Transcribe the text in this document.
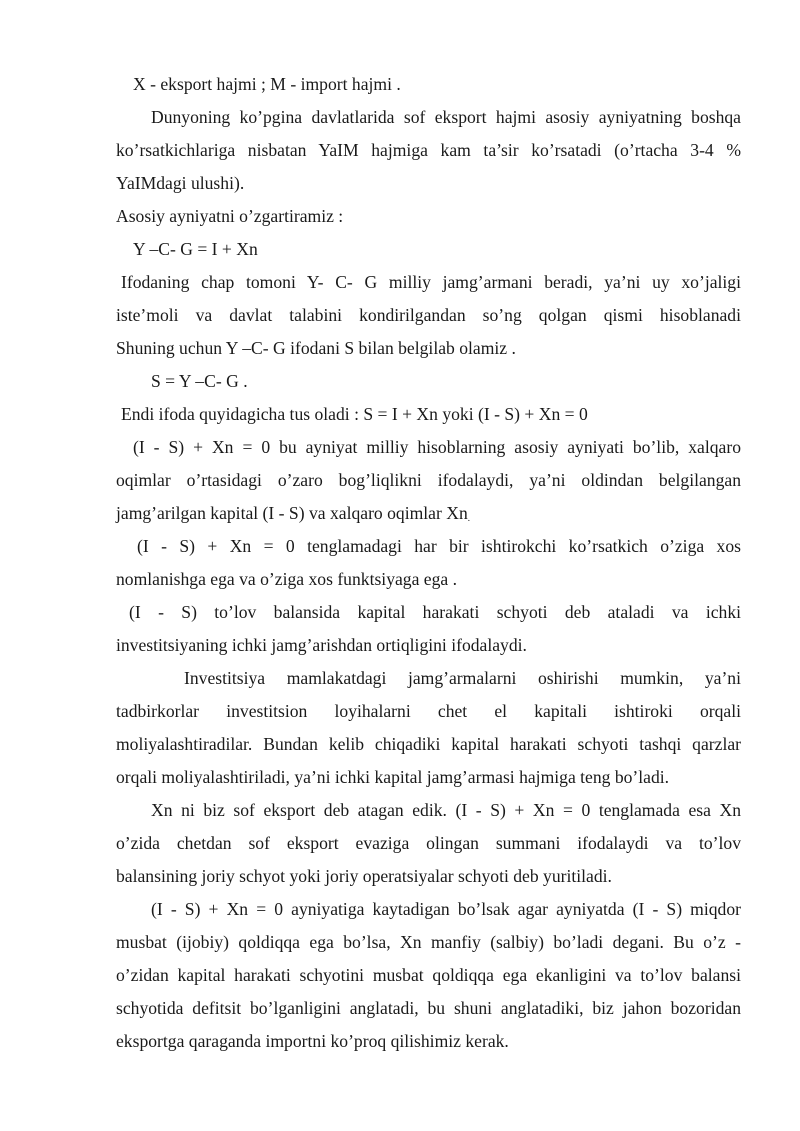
X - eksport hajmi ; M - import hajmi .
Dunyoning ko’pgina davlatlarida sof eksport hajmi asosiy ayniyatning boshqa
ko’rsatkichlariga nisbatan YaIM hajmiga kam ta’sir ko’rsatadi (o’rtacha 3-4 %
YaIMdagi ulushi).
Asosiy ayniyatni o’zgartiramiz :
Y –C- G = I + Xn
Ifodaning chap tomoni Y- C- G milliy jamg’armani beradi, ya’ni uy xo’jaligi
iste’moli va davlat talabini kondirilgandan so’ng qolgan qismi hisoblanadi
Shuning uchun Y –C- G ifodani S bilan belgilab olamiz .
S = Y –C- G .
Endi ifoda quyidagicha tus oladi : S = I + Xn yoki (I - S) + Xn = 0
(I - S) + Xn = 0 bu ayniyat milliy hisoblarning asosiy ayniyati bo’lib, xalqaro
oqimlar o’rtasidagi o’zaro bog’liqlikni ifodalaydi, ya’ni oldindan belgilangan
jamg’arilgan kapital (I - S) va xalqaro oqimlar Xn.
(I - S) + Xn = 0 tenglamadagi har bir ishtirokchi ko’rsatkich o’ziga xos
nomlanishga ega va o’ziga xos funktsiyaga ega .
(I - S) to’lov balansida kapital harakati schyoti deb ataladi va ichki
investitsiyaning ichki jamg’arishdan ortiqligini ifodalaydi.
Investitsiya mamlakatdagi jamg’armalarni oshirishi mumkin, ya’ni
tadbirkorlar investitsion loyihalarni chet el kapitali ishtiroki orqali
moliyalashtiradilar. Bundan kelib chiqadiki kapital harakati schyoti tashqi qarzlar
orqali moliyalashtiriladi, ya’ni ichki kapital jamg’armasi hajmiga teng bo’ladi.
Xn ni biz sof eksport deb atagan edik. (I - S) + Xn = 0 tenglamada esa Xn
o’zida chetdan sof eksport evaziga olingan summani ifodalaydi va to’lov
balansining joriy schyot yoki joriy operatsiyalar schyoti deb yuritiladi.
(I - S) + Xn = 0 ayniyatiga kaytadigan bo’lsak agar ayniyatda (I - S) miqdor
musbat (ijobiy) qoldiqqa ega bo’lsa, Xn manfiy (salbiy) bo’ladi degani. Bu o’z -
o’zidan kapital harakati schyotini musbat qoldiqqa ega ekanligini va to’lov balansi
schyotida defitsit bo’lganligini anglatadi, bu shuni anglatadiki, biz jahon bozoridan
eksportga qaraganda importni ko’proq qilishimiz kerak.
